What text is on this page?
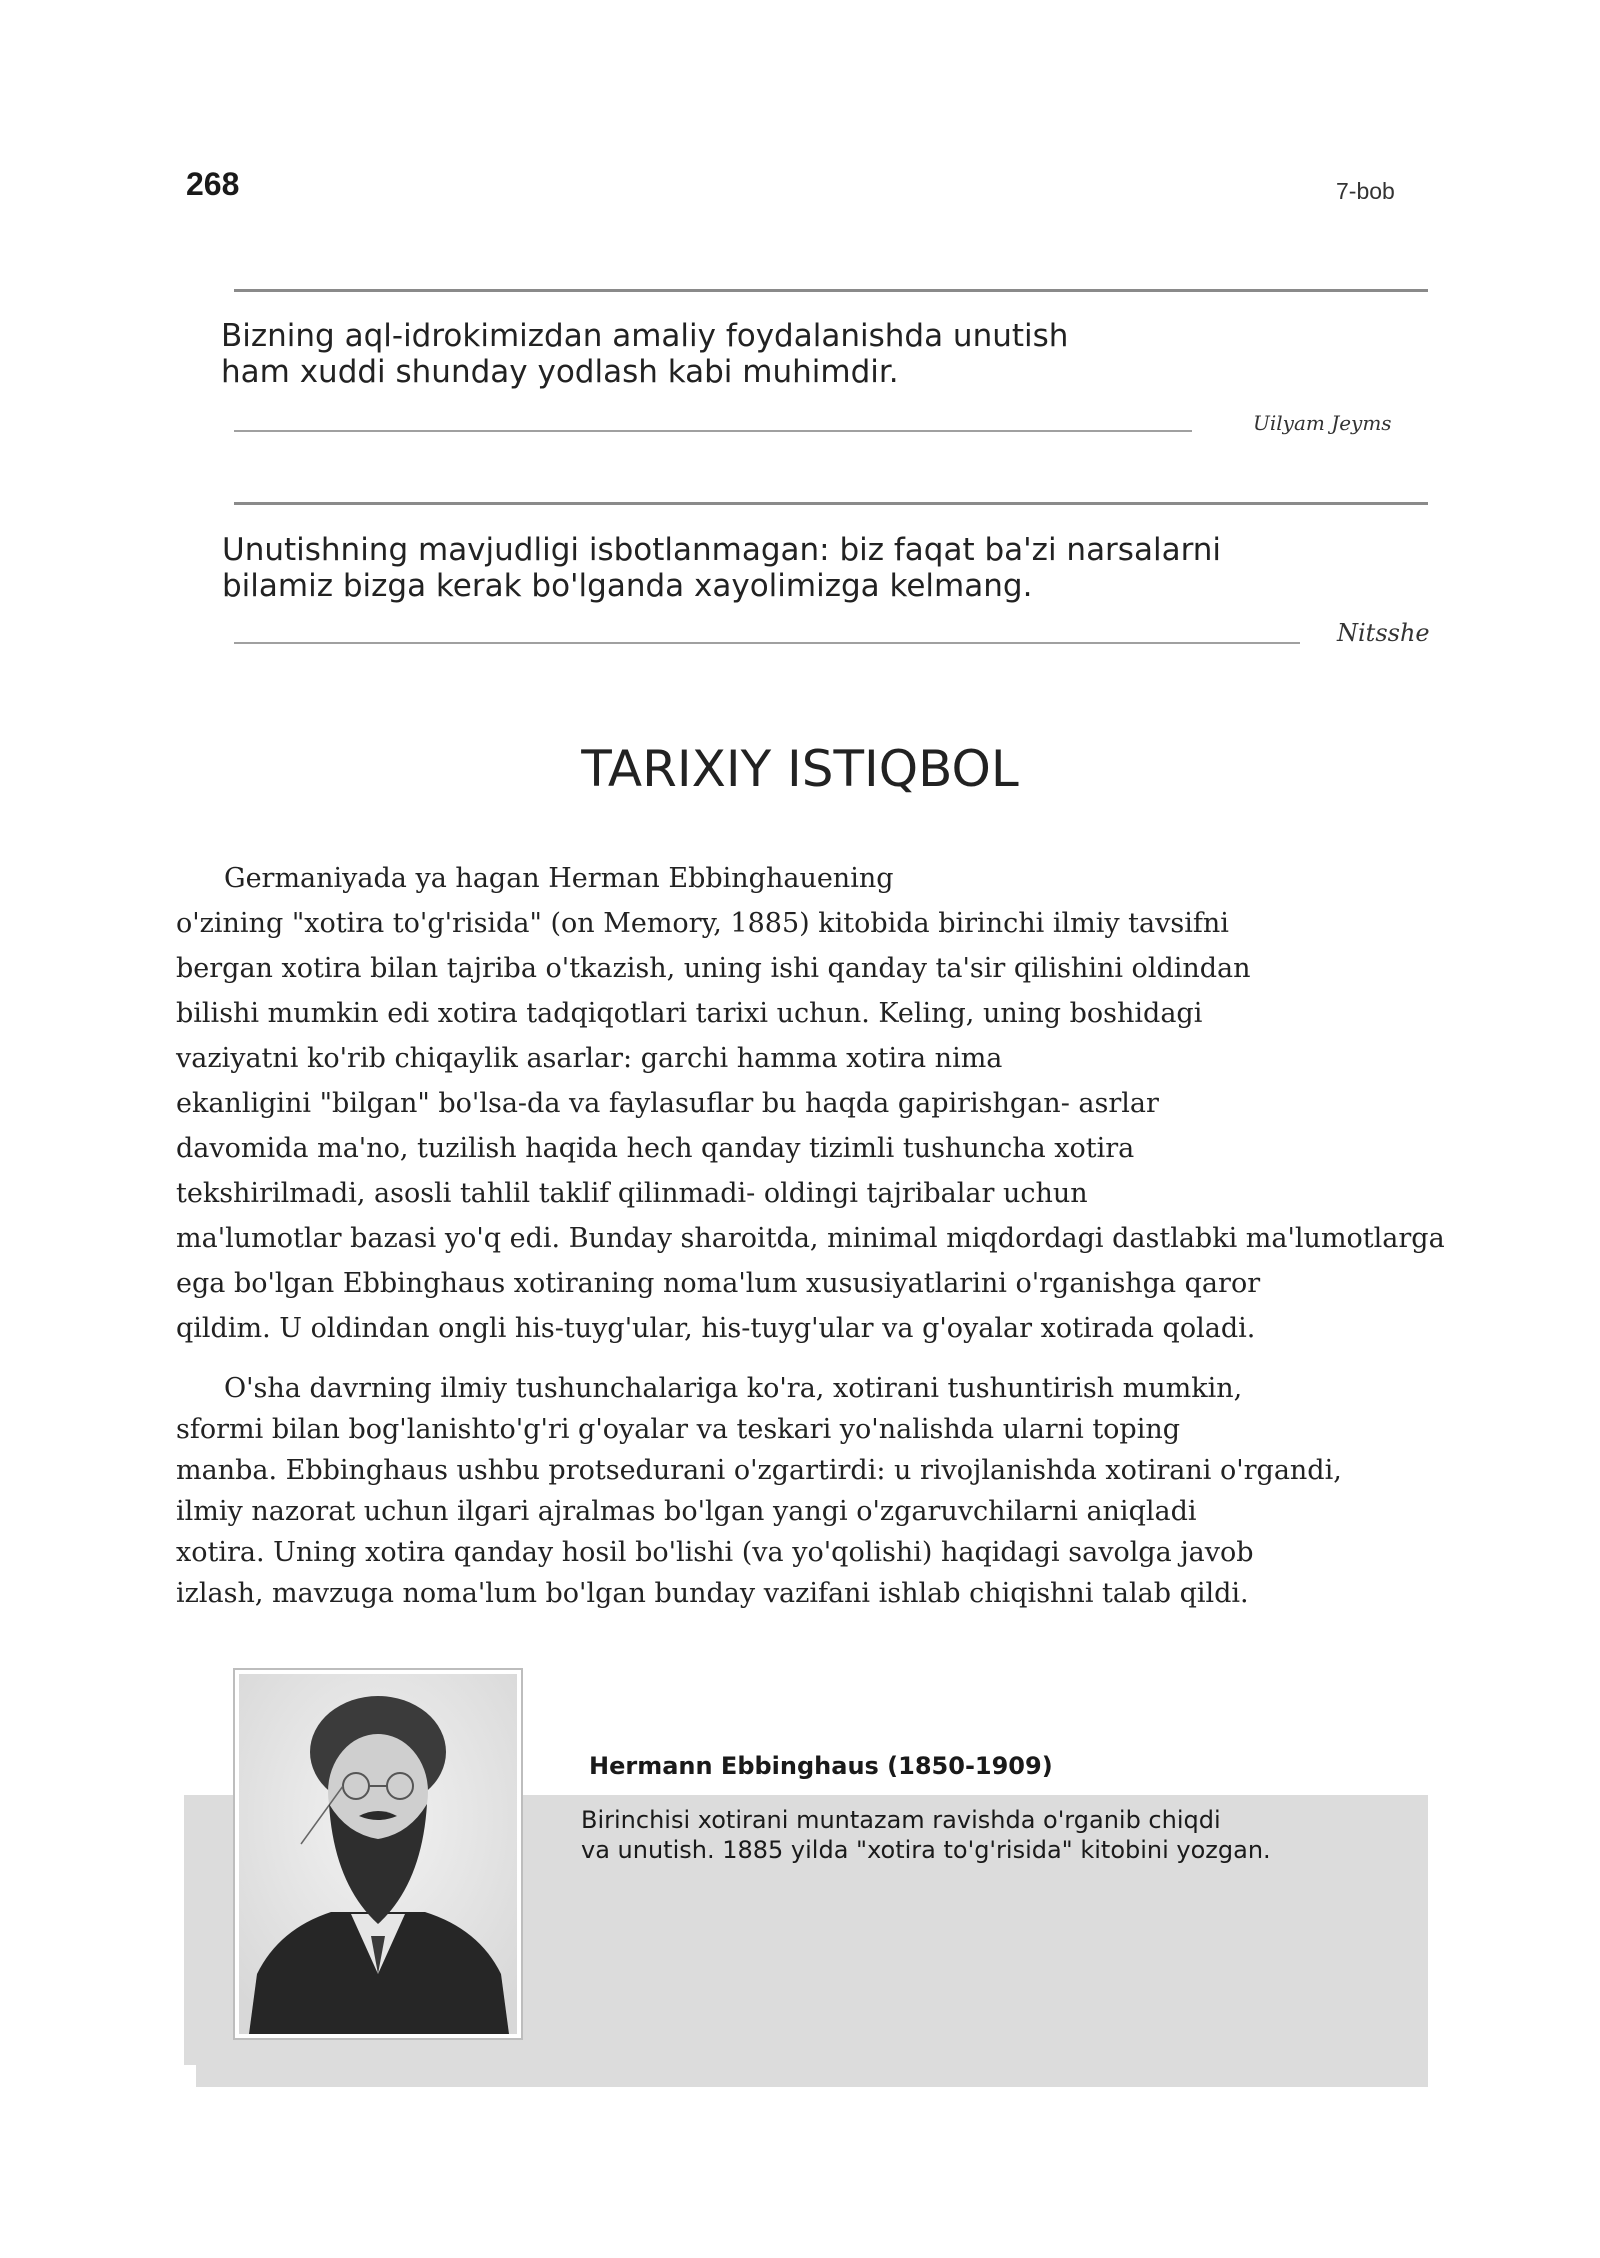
268	7-bob
Bizning aql-idrokimizdan amaliy foydalanishda unutish
ham xuddi shunday yodlash kabi muhimdir.
Uilyam Jeyms
Unutishning mavjudligi isbotlanmagan: biz faqat ba'zi narsalarni
bilamiz bizga kerak bo'lganda xayolimizga kelmang.
Nitsshe
TARIXIY ISTIQBOL
Germaniyada ya hagan Herman Ebbinghauening
o'zining "xotira to'g'risida" (on Memory, 1885) kitobida birinchi ilmiy tavsifni
bergan xotira bilan tajriba o'tkazish, uning ishi qanday ta'sir qilishini oldindan
bilishi mumkin edi xotira tadqiqotlari tarixi uchun. Keling, uning boshidagi
vaziyatni ko'rib chiqaylik asarlar: garchi hamma xotira nima
ekanligini "bilgan" bo'lsa-da va faylasuflar bu haqda gapirishgan- asrlar
davomida ma'no, tuzilish haqida hech qanday tizimli tushuncha xotira
tekshirilmadi, asosli tahlil taklif qilinmadi- oldingi tajribalar uchun
ma'lumotlar bazasi yo'q edi. Bunday sharoitda, minimal miqdordagi dastlabki ma'lumotlarga
ega bo'lgan Ebbinghaus xotiraning noma'lum xususiyatlarini o'rganishga qaror
qildim. U oldindan ongli his-tuyg'ular, his-tuyg'ular va g'oyalar xotirada qoladi.
O'sha davrning ilmiy tushunchalariga ko'ra, xotirani tushuntirish mumkin,
sformi bilan bog'lanishto'g'ri g'oyalar va teskari yo'nalishda ularni toping
manba. Ebbinghaus ushbu protsedurani o'zgartirdi: u rivojlanishda xotirani o'rgandi,
ilmiy nazorat uchun ilgari ajralmas bo'lgan yangi o'zgaruvchilarni aniqladi
xotira. Uning xotira qanday hosil bo'lishi (va yo'qolishi) haqidagi savolga javob
izlash, mavzuga noma'lum bo'lgan bunday vazifani ishlab chiqishni talab qildi.
Hermann Ebbinghaus (1850-1909)
Birinchisi xotirani muntazam ravishda o'rganib chiqdi
va unutish. 1885 yilda "xotira to'g'risida" kitobini yozgan.
